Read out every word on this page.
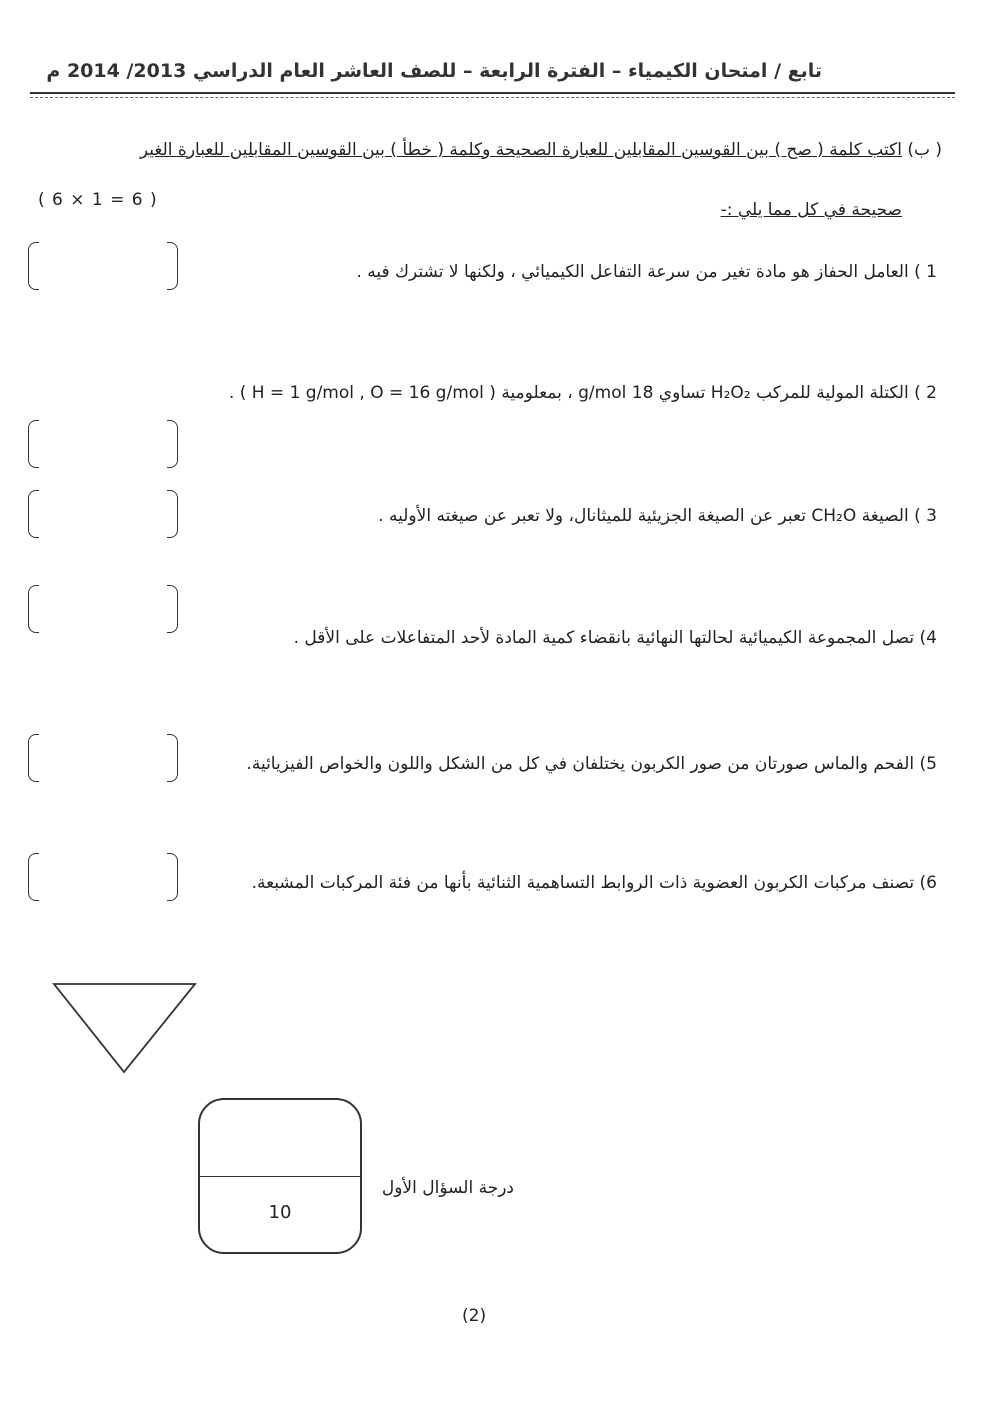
تابع / امتحان الكيمياء – الفترة الرابعة – للصف العاشر العام الدراسي 2013/ 2014 م
( ب) اكتب كلمة ( صح ) بين القوسين المقابلين للعبارة الصحيحة وكلمة ( خطأ ) بين القوسين المقابلين للعبارة الغير
صحيحة في كل مما يلي :-
( 6 × 1 = 6 )
1 ) العامل الحفاز هو مادة تغير من سرعة التفاعل الكيميائي ، ولكنها لا تشترك فيه .
2 ) الكتلة المولية للمركب H₂O₂ تساوي 18 g/mol ، بمعلومية ( H = 1 g/mol , O = 16 g/mol ) .
3 ) الصيغة CH₂O تعبر عن الصيغة الجزيئية للميثانال، ولا تعبر عن صيغته الأوليه .
4) تصل المجموعة الكيميائية لحالتها النهائية بانقضاء كمية المادة لأحد المتفاعلات على الأقل .
5) الفحم والماس صورتان من صور الكربون يختلفان في كل من الشكل واللون والخواص الفيزيائية.
6) تصنف مركبات الكربون العضوية ذات الروابط التساهمية الثنائية بأنها من فئة المركبات المشبعة.
10
درجة السؤال الأول
(2)
